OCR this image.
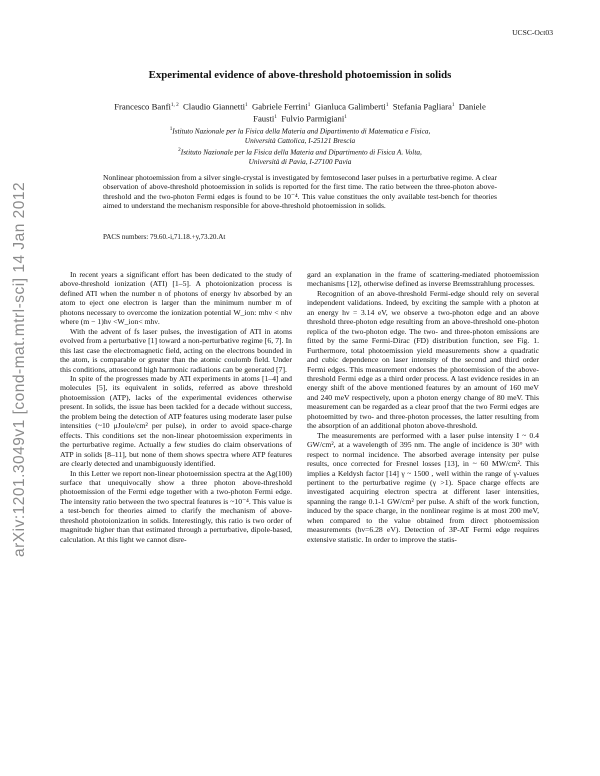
UCSC-Oct03
arXiv:1201.3049v1 [cond-mat.mtrl-sci] 14 Jan 2012
Experimental evidence of above-threshold photoemission in solids
Francesco Banfi$^{1, 2}$ Claudio Giannetti$^1$ Gabriele Ferrini$^1$ Gianluca Galimberti$^1$ Stefania Pagliara$^1$ Daniele Fausti$^1$ Fulvio Parmigiani$^1$
$^1$Istituto Nazionale per la Fisica della Materia and Dipartimento di Matematica e Fisica,
Università Cattolica, I-25121 Brescia
$^2$Istituto Nazionale per la Fisica della Materia and Dipartimento di Fisica A. Volta,
Università di Pavia, I-27100 Pavia
Nonlinear photoemission from a silver single-crystal is investigated by femtosecond laser pulses in a perturbative regime. A clear observation of above-threshold photoemission in solids is reported for the first time. The ratio between the three-photon above-threshold and the two-photon Fermi edges is found to be 10⁻⁴. This value constitues the only available test-bench for theories aimed to understand the mechanism responsible for above-threshold photoemission in solids.
PACS numbers: 79.60.-i,71.18.+y,73.20.At

In recent years a significant effort has been dedicated to the study of above-threshold ionization (ATI) [1–5]. A photoionization process is defined ATI when the number n of photons of energy hν absorbed by an atom to eject one electron is larger than the minimum number m of photons necessary to overcome the ionization potential W_ion: mhν < nhν where (m − 1)hν <W_ion< mhν.

With the advent of fs laser pulses, the investigation of ATI in atoms evolved from a perturbative [1] toward a non-perturbative regime [6, 7]. In this last case the electromagnetic field, acting on the electrons bounded in the atom, is comparable or greater than the atomic coulomb field. Under this conditions, attosecond high harmonic radiations can be generated [7].

In spite of the progresses made by ATI experiments in atoms [1–4] and molecules [5], its equivalent in solids, referred as above threshold photoemission (ATP), lacks of the experimental evidences otherwise present. In solids, the issue has been tackled for a decade without success, the problem being the detection of ATP features using moderate laser pulse intensities (~10 μJoule/cm² per pulse), in order to avoid space-charge effects. This conditions set the non-linear photoemission experiments in the perturbative regime. Actually a few studies do claim observations of ATP in solids [8–11], but none of them shows spectra where ATP features are clearly detected and unambiguously identified.

In this Letter we report non-linear photoemission spectra at the Ag(100) surface that unequivocally show a three photon above-threshold photoemission of the Fermi edge together with a two-photon Fermi edge. The intensity ratio between the two spectral features is ~10⁻⁴. This value is a test-bench for theories aimed to clarify the mechanism of above-threshold photoionization in solids. Interestingly, this ratio is two order of magnitude higher than that estimated through a perturbative, dipole-based, calculation. At this light we cannot disre-

gard an explanation in the frame of scattering-mediated photoemission mechanisms [12], otherwise defined as inverse Bremsstrahlung processes.

Recognition of an above-threshold Fermi-edge should rely on several independent validations. Indeed, by exciting the sample with a photon at an energy hν = 3.14 eV, we observe a two-photon edge and an above threshold three-photon edge resulting from an above-threshold one-photon replica of the two-photon edge. The two- and three-photon emissions are fitted by the same Fermi-Dirac (FD) distribution function, see Fig. 1. Furthermore, total photoemission yield measurements show a quadratic and cubic dependence on laser intensity of the second and third order Fermi edges. This measurement endorses the photoemission of the above-threshold Fermi edge as a third order process. A last evidence resides in an energy shift of the above mentioned features by an amount of 160 meV and 240 meV respectively, upon a photon energy change of 80 meV. This measurement can be regarded as a clear proof that the two Fermi edges are photoemitted by two- and three-photon processes, the latter resulting from the absorption of an additional photon above-threshold.

The measurements are performed with a laser pulse intensity I ~ 0.4 GW/cm², at a wavelength of 395 nm. The angle of incidence is 30° with respect to normal incidence. The absorbed average intensity per pulse results, once corrected for Fresnel losses [13], in ~ 60 MW/cm². This implies a Keldysh factor [14] γ ~ 1500 , well within the range of γ-values pertinent to the perturbative regime (γ >1). Space charge effects are investigated acquiring electron spectra at different laser intensities, spanning the range 0.1-1 GW/cm² per pulse. A shift of the work function, induced by the space charge, in the nonlinear regime is at most 200 meV, when compared to the value obtained from direct photoemission measurements (hν=6.28 eV). Detection of 3P-AT Fermi edge requires extensive statistic. In order to improve the statis-
